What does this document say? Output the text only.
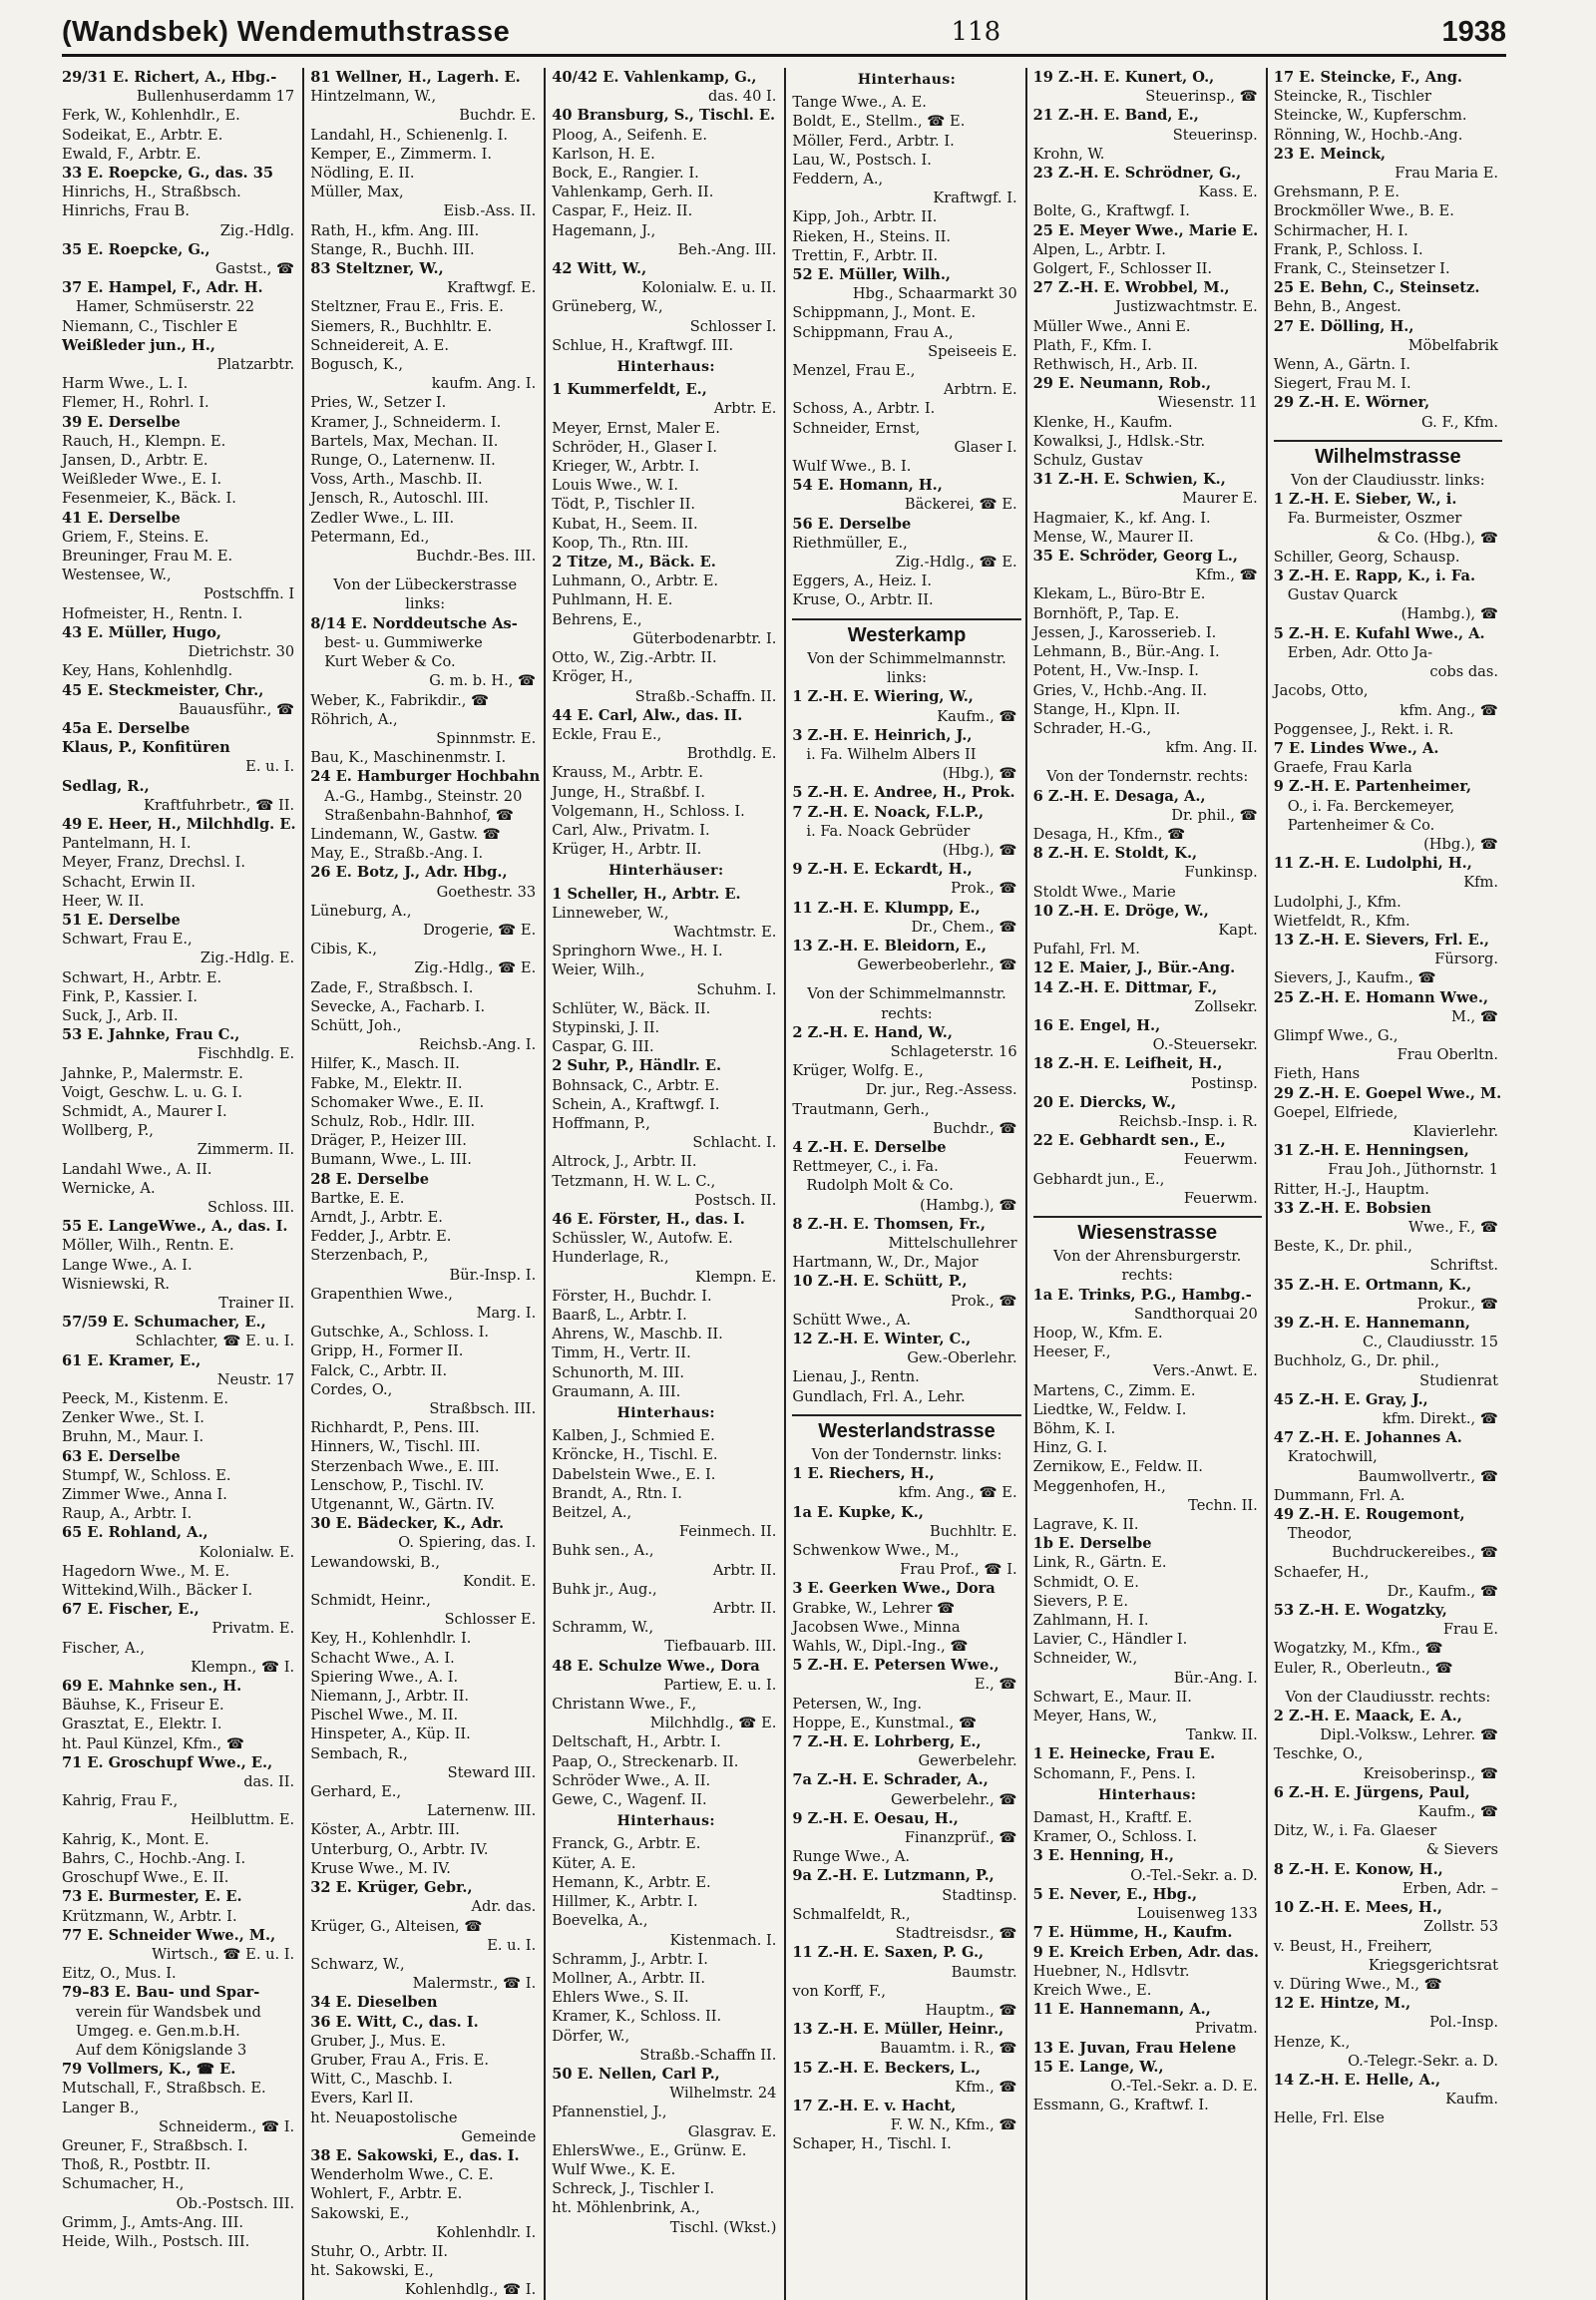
(Wandsbek) Wendemuthstrasse	118	1938
29/31 E. Richert, A., Hbg.-
Bullenhuserdamm 17
Ferk, W., Kohlenhdlr., E.
Sodeikat, E., Arbtr. E.
Ewald, F., Arbtr. E.
33 E. Roepcke, G., das. 35
Hinrichs, H., Straßbsch.
Hinrichs, Frau B.
Zig.-Hdlg.
35 E. Roepcke, G.,
Gastst., ☎
37 E. Hampel, F., Adr. H.
Hamer, Schmüserstr. 22
Niemann, C., Tischler E
Weißleder jun., H.,
Platzarbtr.
Harm Wwe., L. I.
Flemer, H., Rohrl. I.
39 E. Derselbe
Rauch, H., Klempn. E.
Jansen, D., Arbtr. E.
Weißleder Wwe., E. I.
Fesenmeier, K., Bäck. I.
41 E. Derselbe
Griem, F., Steins. E.
Breuninger, Frau M. E.
Westensee, W.,
Postschffn. I
Hofmeister, H., Rentn. I.
43 E. Müller, Hugo,
Dietrichstr. 30
Key, Hans, Kohlenhdlg.
45 E. Steckmeister, Chr.,
Bauausführ., ☎
45a E. Derselbe
Klaus, P., Konfitüren
E. u. I.
Sedlag, R.,
Kraftfuhrbetr., ☎ II.
49 E. Heer, H., Milchhdlg. E.
Pantelmann, H. I.
Meyer, Franz, Drechsl. I.
Schacht, Erwin II.
Heer, W. II.
51 E. Derselbe
Schwart, Frau E.,
Zig.-Hdlg. E.
Schwart, H., Arbtr. E.
Fink, P., Kassier. I.
Suck, J., Arb. II.
53 E. Jahnke, Frau C.,
Fischhdlg. E.
Jahnke, P., Malermstr. E.
Voigt, Geschw. L. u. G. I.
Schmidt, A., Maurer I.
Wollberg, P.,
Zimmerm. II.
Landahl Wwe., A. II.
Wernicke, A.
Schloss. III.
55 E. LangeWwe., A., das. I.
Möller, Wilh., Rentn. E.
Lange Wwe., A. I.
Wisniewski, R.
Trainer II.
57/59 E. Schumacher, E.,
Schlachter, ☎ E. u. I.
61 E. Kramer, E.,
Neustr. 17
Peeck, M., Kistenm. E.
Zenker Wwe., St. I.
Bruhn, M., Maur. I.
63 E. Derselbe
Stumpf, W., Schloss. E.
Zimmer Wwe., Anna I.
Raup, A., Arbtr. I.
65 E. Rohland, A.,
Kolonialw. E.
Hagedorn Wwe., M. E.
Wittekind,Wilh., Bäcker I.
67 E. Fischer, E.,
Privatm. E.
Fischer, A.,
Klempn., ☎ I.
69 E. Mahnke sen., H.
Bäuhse, K., Friseur E.
Grasztat, E., Elektr. I.
ht. Paul Künzel, Kfm., ☎
71 E. Groschupf Wwe., E.,
das. II.
Kahrig, Frau F.,
Heilbluttm. E.
Kahrig, K., Mont. E.
Bahrs, C., Hochb.-Ang. I.
Groschupf Wwe., E. II.
73 E. Burmester, E. E.
Krützmann, W., Arbtr. I.
77 E. Schneider Wwe., M.,
Wirtsch., ☎ E. u. I.
Eitz, O., Mus. I.
79–83 E. Bau- und Spar-
verein für Wandsbek und
Umgeg. e. Gen.m.b.H.
Auf dem Königslande 3
79 Vollmers, K., ☎ E.
Mutschall, F., Straßbsch. E.
Langer B.,
Schneiderm., ☎ I.
Greuner, F., Straßbsch. I.
Thoß, R., Postbtr. II.
Schumacher, H.,
Ob.-Postsch. III.
Grimm, J., Amts-Ang. III.
Heide, Wilh., Postsch. III.
81 Wellner, H., Lagerh. E.
Hintzelmann, W.,
Buchdr. E.
Landahl, H., Schienenlg. I.
Kemper, E., Zimmerm. I.
Nödling, E. II.
Müller, Max,
Eisb.-Ass. II.
Rath, H., kfm. Ang. III.
Stange, R., Buchh. III.
83 Steltzner, W.,
Kraftwgf. E.
Steltzner, Frau E., Fris. E.
Siemers, R., Buchhltr. E.
Schneidereit, A. E.
Bogusch, K.,
kaufm. Ang. I.
Pries, W., Setzer I.
Kramer, J., Schneiderm. I.
Bartels, Max, Mechan. II.
Runge, O., Laternenw. II.
Voss, Arth., Maschb. II.
Jensch, R., Autoschl. III.
Zedler Wwe., L. III.
Petermann, Ed.,
Buchdr.-Bes. III.
Von der Lübeckerstrasse
links:
8/14 E. Norddeutsche As-
best- u. Gummiwerke
Kurt Weber & Co.
G. m. b. H., ☎
Weber, K., Fabrikdir., ☎
Röhrich, A.,
Spinnmstr. E.
Bau, K., Maschinenmstr. I.
24 E. Hamburger Hochbahn
A.-G., Hambg., Steinstr. 20
Straßenbahn-Bahnhof, ☎
Lindemann, W., Gastw. ☎
May, E., Straßb.-Ang. I.
26 E. Botz, J., Adr. Hbg.,
Goethestr. 33
Lüneburg, A.,
Drogerie, ☎ E.
Cibis, K.,
Zig.-Hdlg., ☎ E.
Zade, F., Straßbsch. I.
Sevecke, A., Facharb. I.
Schütt, Joh.,
Reichsb.-Ang. I.
Hilfer, K., Masch. II.
Fabke, M., Elektr. II.
Schomaker Wwe., E. II.
Schulz, Rob., Hdlr. III.
Dräger, P., Heizer III.
Bumann, Wwe., L. III.
28 E. Derselbe
Bartke, E. E.
Arndt, J., Arbtr. E.
Fedder, J., Arbtr. E.
Sterzenbach, P.,
Bür.-Insp. I.
Grapenthien Wwe.,
Marg. I.
Gutschke, A., Schloss. I.
Gripp, H., Former II.
Falck, C., Arbtr. II.
Cordes, O.,
Straßbsch. III.
Richhardt, P., Pens. III.
Hinners, W., Tischl. III.
Sterzenbach Wwe., E. III.
Lenschow, P., Tischl. IV.
Utgenannt, W., Gärtn. IV.
30 E. Bädecker, K., Adr.
O. Spiering, das. I.
Lewandowski, B.,
Kondit. E.
Schmidt, Heinr.,
Schlosser E.
Key, H., Kohlenhdlr. I.
Schacht Wwe., A. I.
Spiering Wwe., A. I.
Niemann, J., Arbtr. II.
Pischel Wwe., M. II.
Hinspeter, A., Küp. II.
Sembach, R.,
Steward III.
Gerhard, E.,
Laternenw. III.
Köster, A., Arbtr. III.
Unterburg, O., Arbtr. IV.
Kruse Wwe., M. IV.
32 E. Krüger, Gebr.,
Adr. das.
Krüger, G., Alteisen, ☎
E. u. I.
Schwarz, W.,
Malermstr., ☎ I.
34 E. Dieselben
36 E. Witt, C., das. I.
Gruber, J., Mus. E.
Gruber, Frau A., Fris. E.
Witt, C., Maschb. I.
Evers, Karl II.
ht. Neuapostolische
Gemeinde
38 E. Sakowski, E., das. I.
Wenderholm Wwe., C. E.
Wohlert, F., Arbtr. E.
Sakowski, E.,
Kohlenhdlr. I.
Stuhr, O., Arbtr. II.
ht. Sakowski, E.,
Kohlenhdlg., ☎ I.
40/42 E. Vahlenkamp, G.,
das. 40 I.
40 Bransburg, S., Tischl. E.
Ploog, A., Seifenh. E.
Karlson, H. E.
Bock, E., Rangier. I.
Vahlenkamp, Gerh. II.
Caspar, F., Heiz. II.
Hagemann, J.,
Beh.-Ang. III.
42 Witt, W.,
Kolonialw. E. u. II.
Grüneberg, W.,
Schlosser I.
Schlue, H., Kraftwgf. III.
Hinterhaus:
1 Kummerfeldt, E.,
Arbtr. E.
Meyer, Ernst, Maler E.
Schröder, H., Glaser I.
Krieger, W., Arbtr. I.
Louis Wwe., W. I.
Tödt, P., Tischler II.
Kubat, H., Seem. II.
Koop, Th., Rtn. III.
2 Titze, M., Bäck. E.
Luhmann, O., Arbtr. E.
Puhlmann, H. E.
Behrens, E.,
Güterbodenarbtr. I.
Otto, W., Zig.-Arbtr. II.
Kröger, H.,
Straßb.-Schaffn. II.
44 E. Carl, Alw., das. II.
Eckle, Frau E.,
Brothdlg. E.
Krauss, M., Arbtr. E.
Junge, H., Straßbf. I.
Volgemann, H., Schloss. I.
Carl, Alw., Privatm. I.
Krüger, H., Arbtr. II.
Hinterhäuser:
1 Scheller, H., Arbtr. E.
Linneweber, W.,
Wachtmstr. E.
Springhorn Wwe., H. I.
Weier, Wilh.,
Schuhm. I.
Schlüter, W., Bäck. II.
Stypinski, J. II.
Caspar, G. III.
2 Suhr, P., Händlr. E.
Bohnsack, C., Arbtr. E.
Schein, A., Kraftwgf. I.
Hoffmann, P.,
Schlacht. I.
Altrock, J., Arbtr. II.
Tetzmann, H. W. L. C.,
Postsch. II.
46 E. Förster, H., das. I.
Schüssler, W., Autofw. E.
Hunderlage, R.,
Klempn. E.
Förster, H., Buchdr. I.
Baarß, L., Arbtr. I.
Ahrens, W., Maschb. II.
Timm, H., Vertr. II.
Schunorth, M. III.
Graumann, A. III.
Hinterhaus:
Kalben, J., Schmied E.
Kröncke, H., Tischl. E.
Dabelstein Wwe., E. I.
Brandt, A., Rtn. I.
Beitzel, A.,
Feinmech. II.
Buhk sen., A.,
Arbtr. II.
Buhk jr., Aug.,
Arbtr. II.
Schramm, W.,
Tiefbauarb. III.
48 E. Schulze Wwe., Dora
Partiew, E. u. I.
Christann Wwe., F.,
Milchhdlg., ☎ E.
Deltschaft, H., Arbtr. I.
Paap, O., Streckenarb. II.
Schröder Wwe., A. II.
Gewe, C., Wagenf. II.
Hinterhaus:
Franck, G., Arbtr. E.
Küter, A. E.
Hemann, K., Arbtr. E.
Hillmer, K., Arbtr. I.
Boevelka, A.,
Kistenmach. I.
Schramm, J., Arbtr. I.
Mollner, A., Arbtr. II.
Ehlers Wwe., S. II.
Kramer, K., Schloss. II.
Dörfer, W.,
Straßb.-Schaffn II.
50 E. Nellen, Carl P.,
Wilhelmstr. 24
Pfannenstiel, J.,
Glasgrav. E.
EhlersWwe., E., Grünw. E.
Wulf Wwe., K. E.
Schreck, J., Tischler I.
ht. Möhlenbrink, A.,
Tischl. (Wkst.)
Hinterhaus:
Tange Wwe., A. E.
Boldt, E., Stellm., ☎ E.
Möller, Ferd., Arbtr. I.
Lau, W., Postsch. I.
Feddern, A.,
Kraftwgf. I.
Kipp, Joh., Arbtr. II.
Rieken, H., Steins. II.
Trettin, F., Arbtr. II.
52 E. Müller, Wilh.,
Hbg., Schaarmarkt 30
Schippmann, J., Mont. E.
Schippmann, Frau A.,
Speiseeis E.
Menzel, Frau E.,
Arbtrn. E.
Schoss, A., Arbtr. I.
Schneider, Ernst,
Glaser I.
Wulf Wwe., B. I.
54 E. Homann, H.,
Bäckerei, ☎ E.
56 E. Derselbe
Riethmüller, E.,
Zig.-Hdlg., ☎ E.
Eggers, A., Heiz. I.
Kruse, O., Arbtr. II.
Westerkamp
Von der Schimmelmannstr.
links:
1 Z.-H. E. Wiering, W.,
Kaufm., ☎
3 Z.-H. E. Heinrich, J.,
i. Fa. Wilhelm Albers II
(Hbg.), ☎
5 Z.-H. E. Andree, H., Prok.
7 Z.-H. E. Noack, F.L.P.,
i. Fa. Noack Gebrüder
(Hbg.), ☎
9 Z.-H. E. Eckardt, H.,
Prok., ☎
11 Z.-H. E. Klumpp, E.,
Dr., Chem., ☎
13 Z.-H. E. Bleidorn, E.,
Gewerbeoberlehr., ☎
Von der Schimmelmannstr.
rechts:
2 Z.-H. E. Hand, W.,
Schlageterstr. 16
Krüger, Wolfg. E.,
Dr. jur., Reg.-Assess.
Trautmann, Gerh.,
Buchdr., ☎
4 Z.-H. E. Derselbe
Rettmeyer, C., i. Fa.
Rudolph Molt & Co.
(Hambg.), ☎
8 Z.-H. E. Thomsen, Fr.,
Mittelschullehrer
Hartmann, W., Dr., Major
10 Z.-H. E. Schütt, P.,
Prok., ☎
Schütt Wwe., A.
12 Z.-H. E. Winter, C.,
Gew.-Oberlehr.
Lienau, J., Rentn.
Gundlach, Frl. A., Lehr.
Westerlandstrasse
Von der Tondernstr. links:
1 E. Riechers, H.,
kfm. Ang., ☎ E.
1a E. Kupke, K.,
Buchhltr. E.
Schwenkow Wwe., M.,
Frau Prof., ☎ I.
3 E. Geerken Wwe., Dora
Grabke, W., Lehrer ☎
Jacobsen Wwe., Minna
Wahls, W., Dipl.-Ing., ☎
5 Z.-H. E. Petersen Wwe.,
E., ☎
Petersen, W., Ing.
Hoppe, E., Kunstmal., ☎
7 Z.-H. E. Lohrberg, E.,
Gewerbelehr.
7a Z.-H. E. Schrader, A.,
Gewerbelehr., ☎
9 Z.-H. E. Oesau, H.,
Finanzprüf., ☎
Runge Wwe., A.
9a Z.-H. E. Lutzmann, P.,
Stadtinsp.
Schmalfeldt, R.,
Stadtreisdsr., ☎
11 Z.-H. E. Saxen, P. G.,
Baumstr.
von Korff, F.,
Hauptm., ☎
13 Z.-H. E. Müller, Heinr.,
Bauamtm. i. R., ☎
15 Z.-H. E. Beckers, L.,
Kfm., ☎
17 Z.-H. E. v. Hacht,
F. W. N., Kfm., ☎
Schaper, H., Tischl. I.
19 Z.-H. E. Kunert, O.,
Steuerinsp., ☎
21 Z.-H. E. Band, E.,
Steuerinsp.
Krohn, W.
23 Z.-H. E. Schrödner, G.,
Kass. E.
Bolte, G., Kraftwgf. I.
25 E. Meyer Wwe., Marie E.
Alpen, L., Arbtr. I.
Golgert, F., Schlosser II.
27 Z.-H. E. Wrobbel, M.,
Justizwachtmstr. E.
Müller Wwe., Anni E.
Plath, F., Kfm. I.
Rethwisch, H., Arb. II.
29 E. Neumann, Rob.,
Wiesenstr. 11
Klenke, H., Kaufm.
Kowalksi, J., Hdlsk.-Str.
Schulz, Gustav
31 Z.-H. E. Schwien, K.,
Maurer E.
Hagmaier, K., kf. Ang. I.
Mense, W., Maurer II.
35 E. Schröder, Georg L.,
Kfm., ☎
Klekam, L., Büro-Btr E.
Bornhöft, P., Tap. E.
Jessen, J., Karosserieb. I.
Lehmann, B., Bür.-Ang. I.
Potent, H., Vw.-Insp. I.
Gries, V., Hchb.-Ang. II.
Stange, H., Klpn. II.
Schrader, H.-G.,
kfm. Ang. II.
Von der Tondernstr. rechts:
6 Z.-H. E. Desaga, A.,
Dr. phil., ☎
Desaga, H., Kfm., ☎
8 Z.-H. E. Stoldt, K.,
Funkinsp.
Stoldt Wwe., Marie
10 Z.-H. E. Dröge, W.,
Kapt.
Pufahl, Frl. M.
12 E. Maier, J., Bür.-Ang.
14 Z.-H. E. Dittmar, F.,
Zollsekr.
16 E. Engel, H.,
O.-Steuersekr.
18 Z.-H. E. Leifheit, H.,
Postinsp.
20 E. Diercks, W.,
Reichsb.-Insp. i. R.
22 E. Gebhardt sen., E.,
Feuerwm.
Gebhardt jun., E.,
Feuerwm.
Wiesenstrasse
Von der Ahrensburgerstr.
rechts:
1a E. Trinks, P.G., Hambg.-
Sandthorquai 20
Hoop, W., Kfm. E.
Heeser, F.,
Vers.-Anwt. E.
Martens, C., Zimm. E.
Liedtke, W., Feldw. I.
Böhm, K. I.
Hinz, G. I.
Zernikow, E., Feldw. II.
Meggenhofen, H.,
Techn. II.
Lagrave, K. II.
1b E. Derselbe
Link, R., Gärtn. E.
Schmidt, O. E.
Sievers, P. E.
Zahlmann, H. I.
Lavier, C., Händler I.
Schneider, W.,
Bür.-Ang. I.
Schwart, E., Maur. II.
Meyer, Hans, W.,
Tankw. II.
1 E. Heinecke, Frau E.
Schomann, F., Pens. I.
Hinterhaus:
Damast, H., Kraftf. E.
Kramer, O., Schloss. I.
3 E. Henning, H.,
O.-Tel.-Sekr. a. D.
5 E. Never, E., Hbg.,
Louisenweg 133
7 E. Hümme, H., Kaufm.
9 E. Kreich Erben, Adr. das.
Huebner, N., Hdlsvtr.
Kreich Wwe., E.
11 E. Hannemann, A.,
Privatm.
13 E. Juvan, Frau Helene
15 E. Lange, W.,
O.-Tel.-Sekr. a. D. E.
Essmann, G., Kraftwf. I.
17 E. Steincke, F., Ang.
Steincke, R., Tischler
Steincke, W., Kupferschm.
Rönning, W., Hochb.-Ang.
23 E. Meinck,
Frau Maria E.
Grehsmann, P. E.
Brockmöller Wwe., B. E.
Schirmacher, H. I.
Frank, P., Schloss. I.
Frank, C., Steinsetzer I.
25 E. Behn, C., Steinsetz.
Behn, B., Angest.
27 E. Dölling, H.,
Möbelfabrik
Wenn, A., Gärtn. I.
Siegert, Frau M. I.
29 Z.-H. E. Wörner,
G. F., Kfm.
Wilhelmstrasse
Von der Claudiusstr. links:
1 Z.-H. E. Sieber, W., i.
Fa. Burmeister, Oszmer
& Co. (Hbg.), ☎
Schiller, Georg, Schausp.
3 Z.-H. E. Rapp, K., i. Fa.
Gustav Quarck
(Hambg.), ☎
5 Z.-H. E. Kufahl Wwe., A.
Erben, Adr. Otto Ja-
cobs das.
Jacobs, Otto,
kfm. Ang., ☎
Poggensee, J., Rekt. i. R.
7 E. Lindes Wwe., A.
Graefe, Frau Karla
9 Z.-H. E. Partenheimer,
O., i. Fa. Berckemeyer,
Partenheimer & Co.
(Hbg.), ☎
11 Z.-H. E. Ludolphi, H.,
Kfm.
Ludolphi, J., Kfm.
Wietfeldt, R., Kfm.
13 Z.-H. E. Sievers, Frl. E.,
Fürsorg.
Sievers, J., Kaufm., ☎
25 Z.-H. E. Homann Wwe.,
M., ☎
Glimpf Wwe., G.,
Frau Oberltn.
Fieth, Hans
29 Z.-H. E. Goepel Wwe., M.
Goepel, Elfriede,
Klavierlehr.
31 Z.-H. E. Henningsen,
Frau Joh., Jüthornstr. 1
Ritter, H.-J., Hauptm.
33 Z.-H. E. Bobsien
Wwe., F., ☎
Beste, K., Dr. phil.,
Schriftst.
35 Z.-H. E. Ortmann, K.,
Prokur., ☎
39 Z.-H. E. Hannemann,
C., Claudiusstr. 15
Buchholz, G., Dr. phil.,
Studienrat
45 Z.-H. E. Gray, J.,
kfm. Direkt., ☎
47 Z.-H. E. Johannes A.
Kratochwill,
Baumwollvertr., ☎
Dummann, Frl. A.
49 Z.-H. E. Rougemont,
Theodor,
Buchdruckereibes., ☎
Schaefer, H.,
Dr., Kaufm., ☎
53 Z.-H. E. Wogatzky,
Frau E.
Wogatzky, M., Kfm., ☎
Euler, R., Oberleutn., ☎
Von der Claudiusstr. rechts:
2 Z.-H. E. Maack, E. A.,
Dipl.-Volksw., Lehrer. ☎
Teschke, O.,
Kreisoberinsp., ☎
6 Z.-H. E. Jürgens, Paul,
Kaufm., ☎
Ditz, W., i. Fa. Glaeser
& Sievers
8 Z.-H. E. Konow, H.,
Erben, Adr. –
10 Z.-H. E. Mees, H.,
Zollstr. 53
v. Beust, H., Freiherr,
Kriegsgerichtsrat
v. Düring Wwe., M., ☎
12 E. Hintze, M.,
Pol.-Insp.
Henze, K.,
O.-Telegr.-Sekr. a. D.
14 Z.-H. E. Helle, A.,
Kaufm.
Helle, Frl. Else
